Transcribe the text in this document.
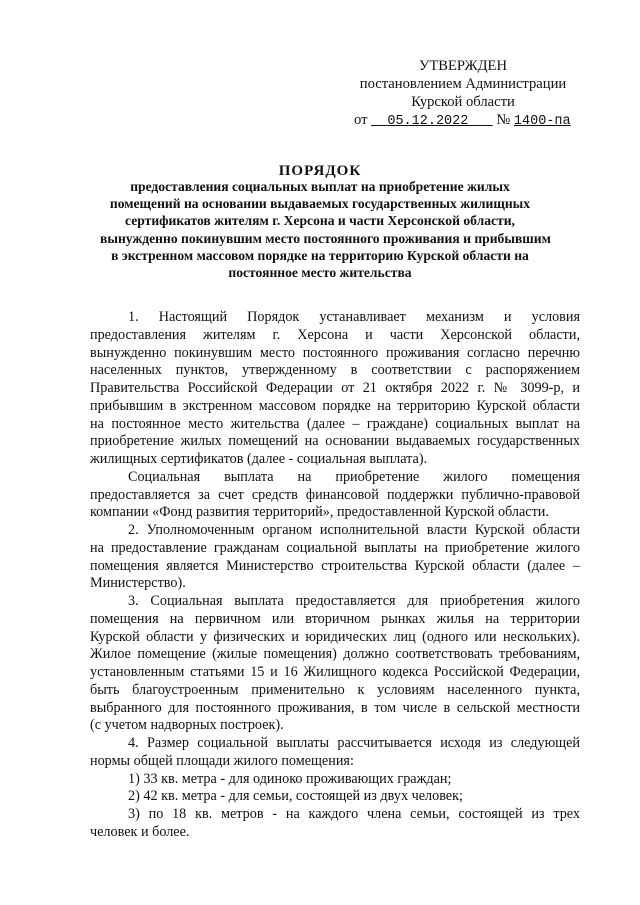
УТВЕРЖДЕН
постановлением Администрации
Курской области
от 05.12.2022 № 1400-па
ПОРЯДОК
предоставления социальных выплат на приобретение жилых
помещений на основании выдаваемых государственных жилищных
сертификатов жителям г. Херсона и части Херсонской области,
вынужденно покинувшим место постоянного проживания и прибывшим
в экстренном массовом порядке на территорию Курской области на
постоянное место жительства
1. Настоящий Порядок устанавливает механизм и условия
предоставления жителям г. Херсона и части Херсонской области,
вынужденно покинувшим место постоянного проживания согласно перечню
населенных пунктов, утвержденному в соответствии с распоряжением
Правительства Российской Федерации от 21 октября 2022 г. № 3099-р, и
прибывшим в экстренном массовом порядке на территорию Курской области
на постоянное место жительства (далее – граждане) социальных выплат на
приобретение жилых помещений на основании выдаваемых государственных
жилищных сертификатов (далее - социальная выплата).
Социальная выплата на приобретение жилого помещения
предоставляется за счет средств финансовой поддержки публично-правовой
компании «Фонд развития территорий», предоставленной Курской области.
2. Уполномоченным органом исполнительной власти Курской области
на предоставление гражданам социальной выплаты на приобретение жилого
помещения является Министерство строительства Курской области (далее –
Министерство).
3. Социальная выплата предоставляется для приобретения жилого
помещения на первичном или вторичном рынках жилья на территории
Курской области у физических и юридических лиц (одного или нескольких).
Жилое помещение (жилые помещения) должно соответствовать требованиям,
установленным статьями 15 и 16 Жилищного кодекса Российской Федерации,
быть благоустроенным применительно к условиям населенного пункта,
выбранного для постоянного проживания, в том числе в сельской местности
(с учетом надворных построек).
4. Размер социальной выплаты рассчитывается исходя из следующей
нормы общей площади жилого помещения:
1) 33 кв. метра - для одиноко проживающих граждан;
2) 42 кв. метра - для семьи, состоящей из двух человек;
3) по 18 кв. метров - на каждого члена семьи, состоящей из трех
человек и более.
